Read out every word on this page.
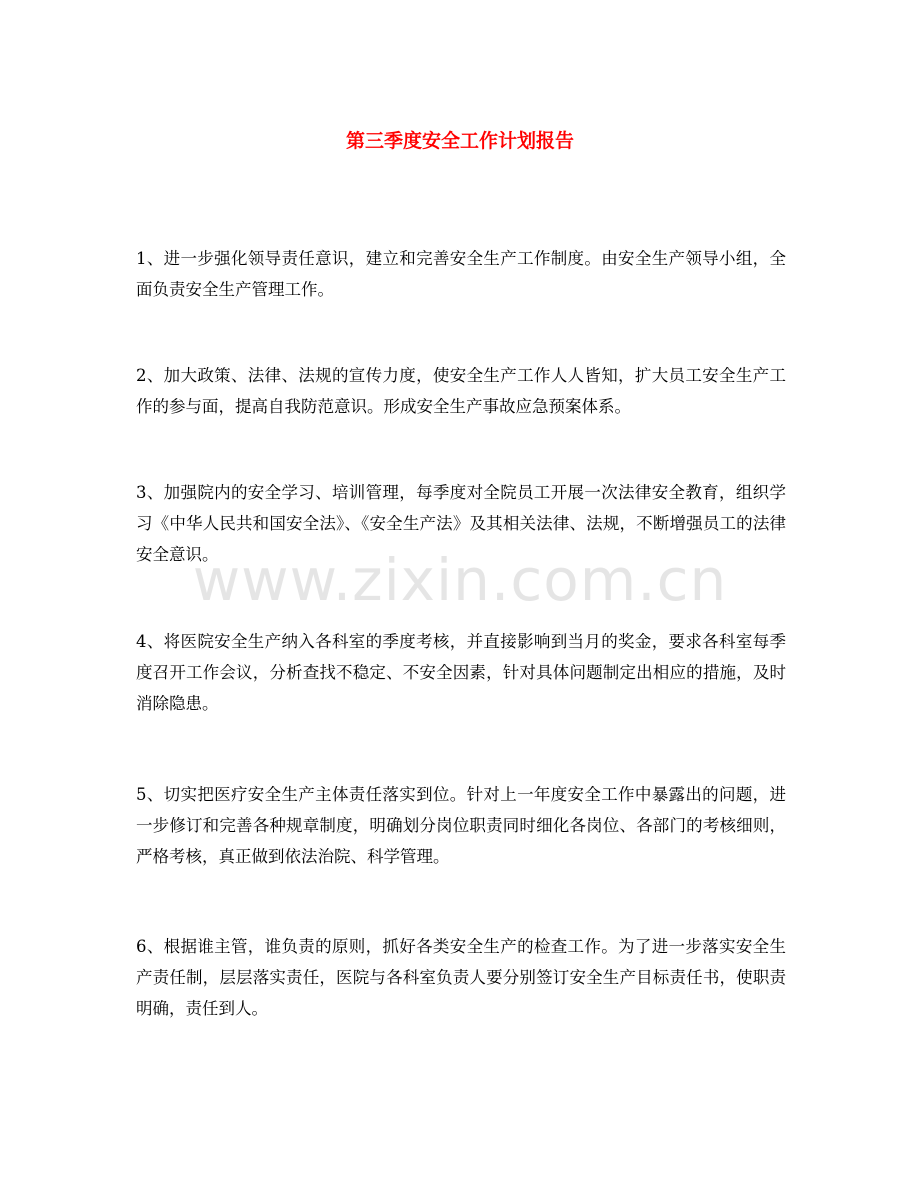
www.zixin.com.cn
第三季度安全工作计划报告
1、进一步强化领导责任意识，建立和完善安全生产工作制度。由安全生产领导小组，全面负责安全生产管理工作。
2、加大政策、法律、法规的宣传力度，使安全生产工作人人皆知，扩大员工安全生产工作的参与面，提高自我防范意识。形成安全生产事故应急预案体系。
3、加强院内的安全学习、培训管理，每季度对全院员工开展一次法律安全教育，组织学习《中华人民共和国安全法》、《安全生产法》及其相关法律、法规，不断增强员工的法律安全意识。
4、将医院安全生产纳入各科室的季度考核，并直接影响到当月的奖金，要求各科室每季度召开工作会议，分析查找不稳定、不安全因素，针对具体问题制定出相应的措施，及时消除隐患。
5、切实把医疗安全生产主体责任落实到位。针对上一年度安全工作中暴露出的问题，进一步修订和完善各种规章制度，明确划分岗位职责同时细化各岗位、各部门的考核细则，严格考核，真正做到依法治院、科学管理。
6、根据谁主管，谁负责的原则，抓好各类安全生产的检查工作。为了进一步落实安全生产责任制，层层落实责任，医院与各科室负责人要分别签订安全生产目标责任书，使职责明确，责任到人。
